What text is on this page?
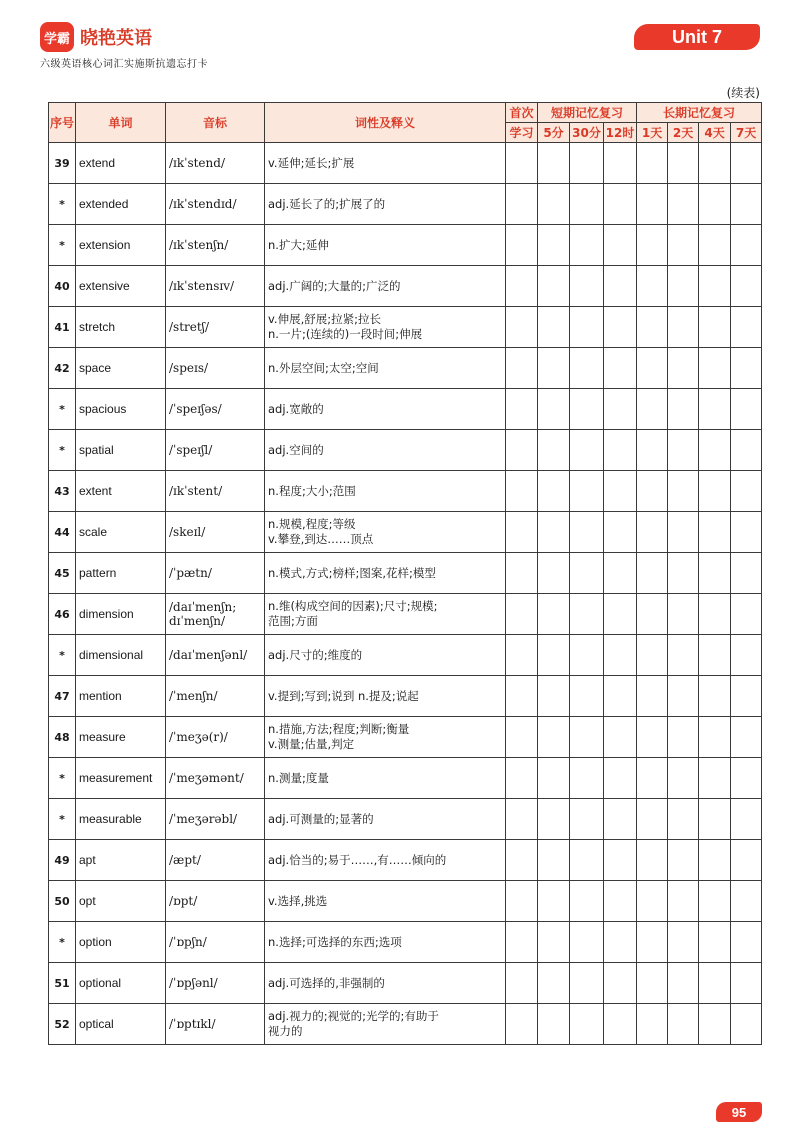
学霸 晓艳英语
六级英语核心词汇实施斯抗遗忘打卡
Unit 7
(续表)
序号	单词	音标	词性及释义	首次	短期记忆复习			长期记忆复习			
				学习	5分	30分	12时	1天	2天	4天	7天
39	extend	/ɪkˈstend/	v.延伸;延长;扩展								

*	extended	/ɪkˈstendɪd/	adj.延长了的;扩展了的								

*	extension	/ɪkˈstenʃn/	n.扩大;延伸								

40	extensive	/ɪkˈstensɪv/	adj.广阔的;大量的;广泛的								

41	stretch	/stretʃ/	v.伸展,舒展;拉紧;拉长
n.一片;(连续的)一段时间;伸展								

42	space	/speɪs/	n.外层空间;太空;空间								

*	spacious	/ˈspeɪʃəs/	adj.宽敞的								

*	spatial	/ˈspeɪʃl/	adj.空间的								

43	extent	/ɪkˈstent/	n.程度;大小;范围								

44	scale	/skeɪl/	n.规模,程度;等级
v.攀登,到达……顶点								

45	pattern	/ˈpætn/	n.模式,方式;榜样;图案,花样;模型								

46	dimension	/daɪˈmenʃn;
dɪˈmenʃn/	n.维(构成空间的因素);尺寸;规模;
范围;方面								

*	dimensional	/daɪˈmenʃənl/	adj.尺寸的;维度的								

47	mention	/ˈmenʃn/	v.提到;写到;说到 n.提及;说起								

48	measure	/ˈmeʒə(r)/	n.措施,方法;程度;判断;衡量
v.测量;估量,判定								

*	measurement	/ˈmeʒəmənt/	n.测量;度量								

*	measurable	/ˈmeʒərəbl/	adj.可测量的;显著的								

49	apt	/æpt/	adj.恰当的;易于……,有……倾向的								

50	opt	/ɒpt/	v.选择,挑选								

*	option	/ˈɒpʃn/	n.选择;可选择的东西;选项								

51	optional	/ˈɒpʃənl/	adj.可选择的,非强制的								

52	optical	/ˈɒptɪkl/	adj.视力的;视觉的;光学的;有助于
视力的								

95
